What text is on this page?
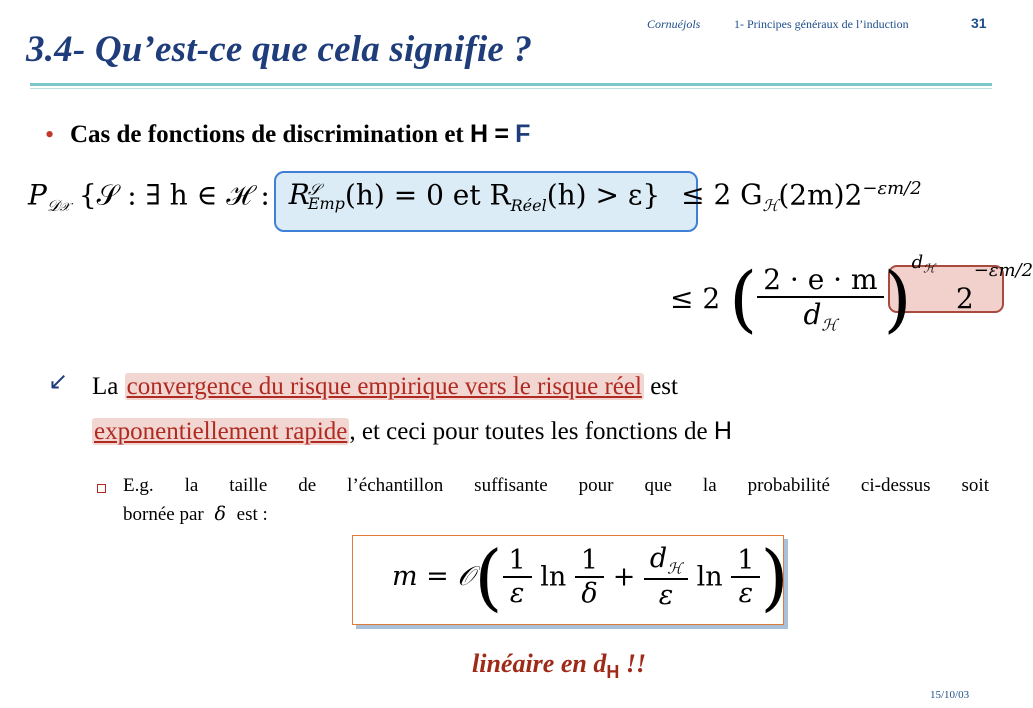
Cornuéjols	1- Principes généraux de l’induction	31
3.4- Qu’est-ce que cela signifie ?
• Cas de fonctions de discrimination et H = F
$P_{𝒟𝒳}$ {𝒮 : ∃ h ∈ ℋ : R
𝒮
Emp (h) = 0 et $R_{Réel}(h) > \varepsilon\} \le 2$ $G_ℋ(2m)2^{-\varepsilon m/2}$
≤ 2 ( $\frac{2 \cdot e \cdot m}{d_ℋ} )^{d_ℋ}$ $2^{-\varepsilon m/2}$
↙ La convergence du risque empirique vers le risque réel est
exponentiellement rapide, et ceci pour toutes les fonctions de H
E.g. la taille de l’échantillon suffisante pour que la probabilité ci-dessus soit
bornée par δ est :
m = 𝒪( $\frac{1}{\varepsilon}$ $\ln \frac{1}{\delta} + \frac{d_ℋ}{\varepsilon}$ $\ln \frac{1}{\varepsilon}$ )
linéaire en $d_H$ !!
15/10/03
